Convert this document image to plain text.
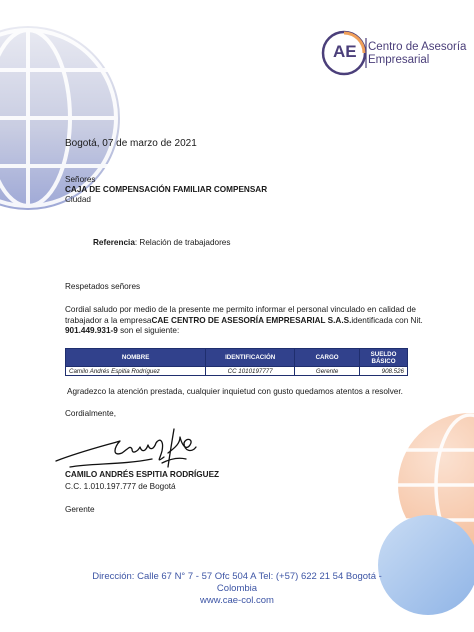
AE Centro de Asesoría
Empresarial
Bogotá, 07 de marzo de 2021
Señores
CAJA DE COMPENSACIÓN FAMILIAR COMPENSAR
Ciudad
Referencia: Relación de trabajadores
Respetados señores
Cordial saludo por medio de la presente me permito informar el personal vinculado en calidad de
trabajador a la empresa CAE CENTRO DE ASESORÍA EMPRESARIAL S.A.S. identificada con Nit.
901.449.931-9 son el siguiente:
NOMBRE	IDENTIFICACIÓN	CARGO	SUELDO BÁSICO
Camilo Andrés Espitia Rodríguez	CC 1010197777	Gerente	908.526
Agradezco la atención prestada, cualquier inquietud con gusto quedamos atentos a resolver.
Cordialmente,
CAMILO ANDRÉS ESPITIA RODRÍGUEZ
C.C. 1.010.197.777 de Bogotá
Gerente
Dirección: Calle 67 N° 7 - 57 Ofc 504 A Tel: (+57) 622 21 54 Bogotá -
Colombia
www.cae-col.com
